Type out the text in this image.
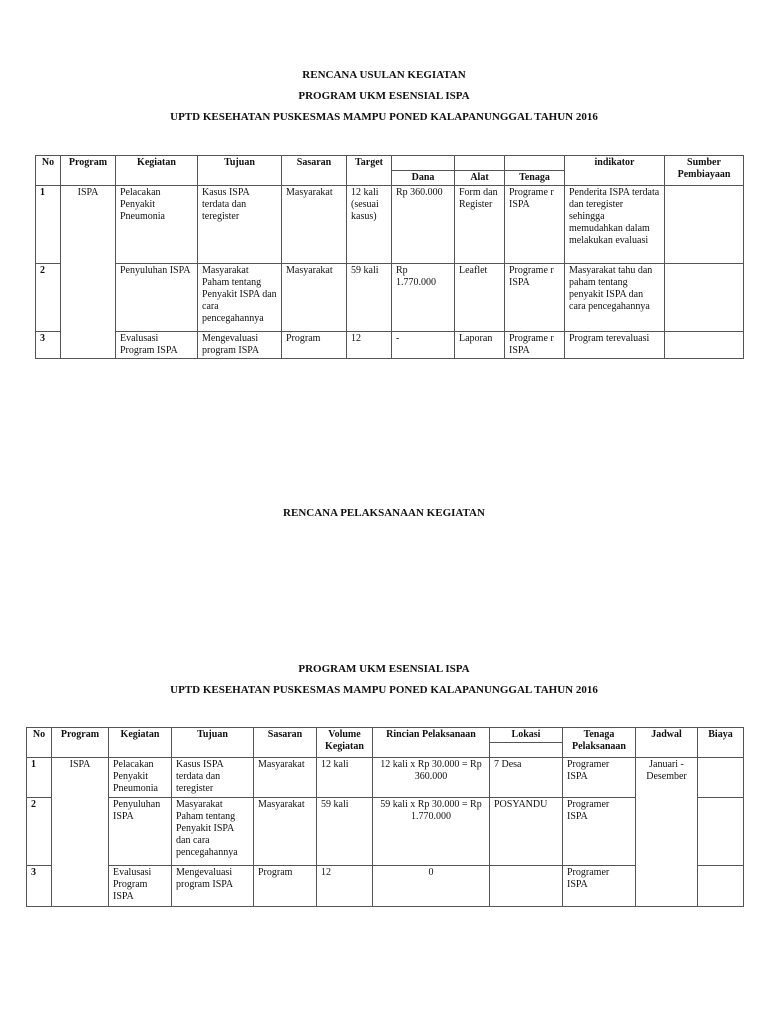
RENCANA USULAN KEGIATAN
PROGRAM UKM ESENSIAL ISPA
UPTD KESEHATAN PUSKESMAS MAMPU PONED KALAPANUNGGAL TAHUN 2016
No	Program	Kegiatan	Tujuan	Sasaran	Target				indikator	Sumber Pembiayaan
						Dana	Alat	Tenaga		
1	ISPA	Pelacakan Penyakit Pneumonia	Kasus ISPA terdata dan teregister	Masyarakat	12 kali (sesuai kasus)	Rp 360.000	Form dan Register	Programe r ISPA	Penderita ISPA terdata dan teregister sehingga memudahkan dalam melakukan evaluasi	
2		Penyuluhan ISPA	Masyarakat Paham tentang Penyakit ISPA dan cara pencegahannya	Masyarakat	59 kali	Rp 1.770.000	Leaflet	Programe r ISPA	Masyarakat tahu dan paham tentang penyakit ISPA dan cara pencegahannya	
3		Evalusasi Program ISPA	Mengevaluasi program ISPA	Program	12	-	Laporan	Programe r ISPA	Program terevaluasi	
RENCANA PELAKSANAAN KEGIATAN
PROGRAM UKM ESENSIAL ISPA
UPTD KESEHATAN PUSKESMAS MAMPU PONED KALAPANUNGGAL TAHUN 2016
No	Program	Kegiatan	Tujuan	Sasaran	Volume Kegiatan	Rincian Pelaksanaan	Lokasi	Tenaga Pelaksanaan	Jadwal	Biaya

1	ISPA	Pelacakan Penyakit Pneumonia	Kasus ISPA terdata dan teregister	Masyarakat	12 kali	12 kali x Rp 30.000 = Rp 360.000	7 Desa	Programer ISPA	Januari - Desember	
2		Penyuluhan ISPA	Masyarakat Paham tentang Penyakit ISPA dan cara pencegahannya	Masyarakat	59 kali	59 kali x Rp 30.000 = Rp 1.770.000	POSYANDU	Programer ISPA		
3		Evalusasi Program ISPA	Mengevaluasi program ISPA	Program	12	0		Programer ISPA		
